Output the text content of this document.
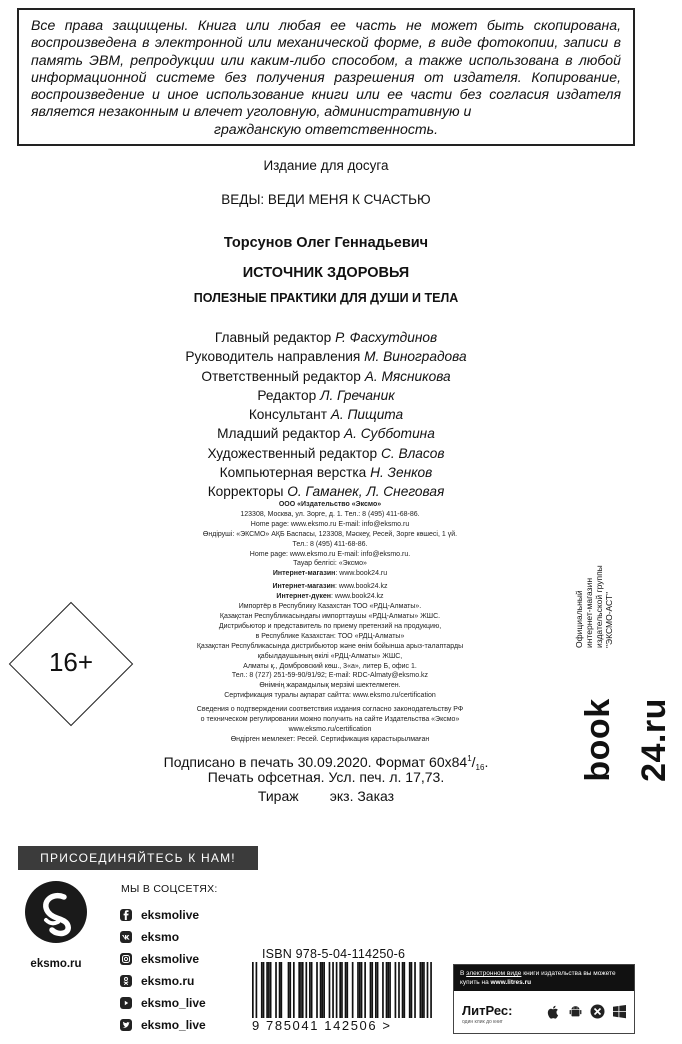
Все права защищены. Книга или любая ее часть не может быть скопирована, воспроизведена в электронной или механической форме, в виде фотокопии, записи в память ЭВМ, репродукции или каким-либо способом, а также использована в любой информационной системе без получения разрешения от издателя. Копирование, воспроизведение и иное использование книги или ее части без согласия издателя является незаконным и влечет уголовную, административную и
гражданскую ответственность.
Издание для досуга
ВЕДЫ: ВЕДИ МЕНЯ К СЧАСТЬЮ
Торсунов Олег Геннадьевич
ИСТОЧНИК ЗДОРОВЬЯ
ПОЛЕЗНЫЕ ПРАКТИКИ ДЛЯ ДУШИ И ТЕЛА
Главный редактор Р. Фасхутдинов
Руководитель направления М. Виноградова
Ответственный редактор А. Мясникова
Редактор Л. Гречаник
Консультант А. Пищита
Младший редактор А. Субботина
Художественный редактор С. Власов
Компьютерная верстка Н. Зенков
Корректоры О. Гаманек, Л. Снеговая
ООО «Издательство «Эксмо»
123308, Москва, ул. Зорге, д. 1. Тел.: 8 (495) 411-68-86.
Home page: www.eksmo.ru E-mail: info@eksmo.ru
Өндіруші: «ЭКСМО» АҚБ Баспасы, 123308, Мәскеу, Ресей, Зорге көшесі, 1 үй.
Тел.: 8 (495) 411-68-86.
Home page: www.eksmo.ru E-mail: info@eksmo.ru.
Тауар белгісі: «Эксмо»
Интернет-магазин: www.book24.ru
Интернет-магазин: www.book24.kz
Интернет-дүкен: www.book24.kz
Импортёр в Республику Казахстан ТОО «РДЦ-Алматы».
Қазақстан Республикасындағы импорттаушы «РДЦ-Алматы» ЖШС.
Дистрибьютор и представитель по приему претензий на продукцию,
в Республике Казахстан: ТОО «РДЦ-Алматы»
Қазақстан Республикасында дистрибьютор және өнім бойынша арыз-талаптарды
қабылдаушының өкілі «РДЦ-Алматы» ЖШС,
Алматы қ., Домбровский көш., 3«а», литер Б, офис 1.
Тел.: 8 (727) 251-59-90/91/92; E-mail: RDC-Almaty@eksmo.kz
Өнімнің жарамдылық мерзімі шектелмеген.
Сертификация туралы ақпарат сайтта: www.eksmo.ru/certification
Сведения о подтверждении соответствия издания согласно законодательству РФ
о техническом регулировании можно получить на сайте Издательства «Эксмо»
www.eksmo.ru/certification
Өндірген мемлекет: Ресей. Сертификация қарастырылмаған
16+
Подписано в печать 30.09.2020. Формат $60x84^1/_{16}$.
Печать офсетная. Усл. печ. л. 17,73.
Тираж        экз. Заказ
Официальный интернет-магазин издательской группы "ЭКСМО-АСТ"
book 24.ru
ПРИСОЕДИНЯЙТЕСЬ К НАМ!
eksmo.ru
МЫ В СОЦСЕТЯХ:
eksmolive
eksmo
eksmolive
eksmo.ru
eksmo_live
eksmo_live
ISBN 978-5-04-114250-6
9 785041 142506 >
В электронном виде книги издательства вы можете
купить на www.litres.ru
ЛитРес:
один клик до книг
